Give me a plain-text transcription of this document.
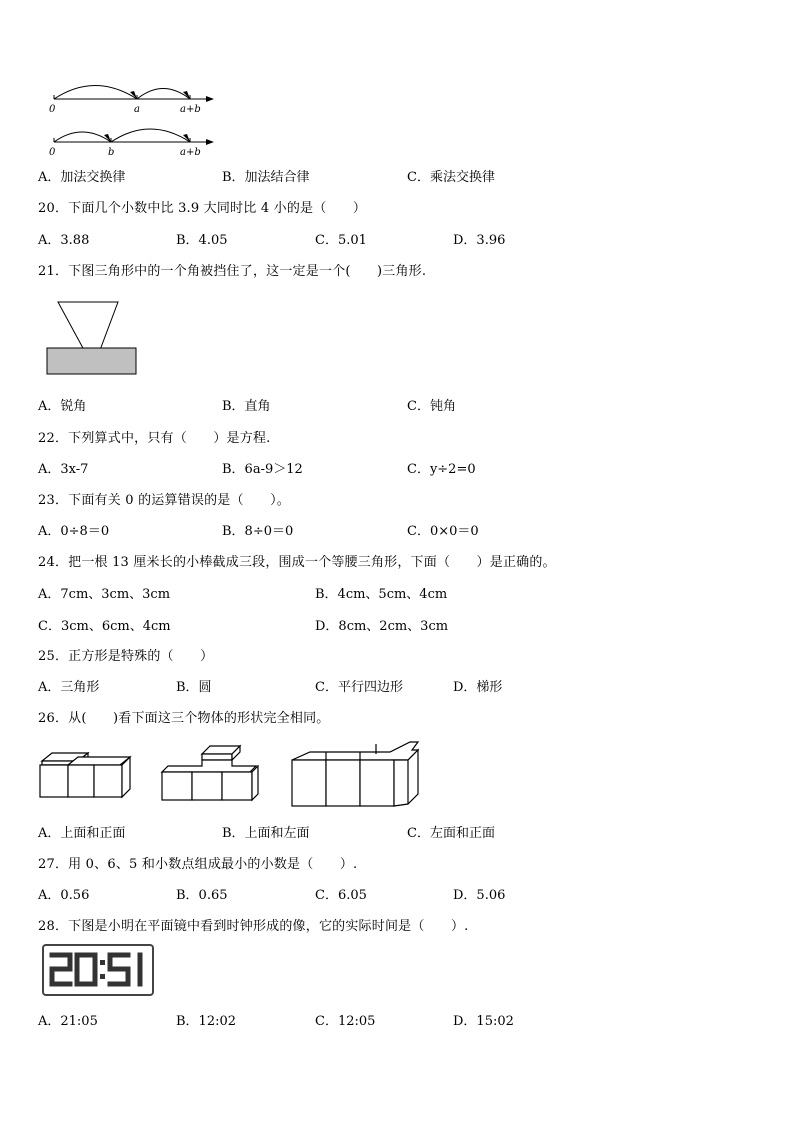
0	a	a+b
0	b	a+b
A．加法交换律	B．加法结合律	C．乘法交换律
20．下面几个小数中比 3.9 大同时比 4 小的是（　　）
A．3.88	B．4.05	C．5.01	D．3.96
21．下图三角形中的一个角被挡住了，这一定是一个(　　)三角形.
A．锐角	B．直角	C．钝角
22．下列算式中，只有（　　）是方程.
A．3x-7	B．6a-9＞12	C．y÷2=0
23．下面有关 0 的运算错误的是（　　）。
A．0÷8＝0	B．8÷0＝0	C．0×0＝0
24．把一根 13 厘米长的小棒截成三段，围成一个等腰三角形，下面（　　）是正确的。
A．7cm、3cm、3cm	B．4cm、5cm、4cm
C．3cm、6cm、4cm	D．8cm、2cm、3cm
25．正方形是特殊的（　　）
A．三角形	B．圆	C．平行四边形	D．梯形
26．从(　　)看下面这三个物体的形状完全相同。
A．上面和正面	B．上面和左面	C．左面和正面
27．用 0、6、5 和小数点组成最小的小数是（　　）.
A．0.56	B．0.65	C．6.05	D．5.06
28．下图是小明在平面镜中看到时钟形成的像，它的实际时间是（　　）.
A．21:05	B．12:02	C．12:05	D．15:02
